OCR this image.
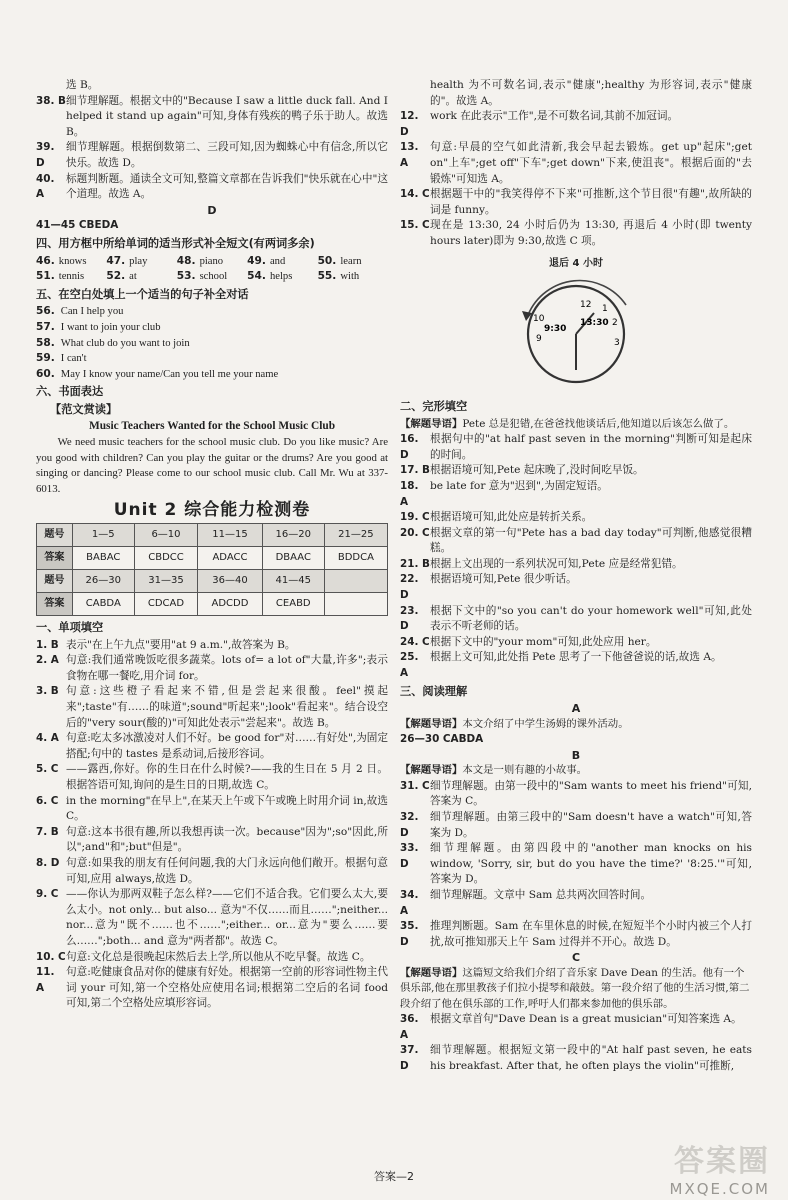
选 B。
38. B 细节理解题。根据文中的"Because I saw a little duck fall. And I helped it stand up again"可知,身体有残疾的鸭子乐于助人。故选 B。
39. D
细节理解题。根据倒数第二、三段可知,因为蜘蛛心中有信念,所以它快乐。故选 D。
40. A
标题判断题。通读全文可知,整篇文章都在告诉我们"快乐就在心中"这个道理。故选 A。
D
41—45 CBEDA
四、用方框中所给单词的适当形式补全短文(有两词多余)
46. knows	47. play	48. piano	49. and	50. learn
51. tennis	52. at	53. school	54. helps	55. with
五、在空白处填上一个适当的句子补全对话
56. Can I help you
57. I want to join your club
58. What club do you want to join
59. I can't
60. May I know your name/Can you tell me your name
六、书面表达
【范文赏读】
Music Teachers Wanted for the School Music Club
We need music teachers for the school music club. Do you like music? Are you good with children? Can you play the guitar or the drums? Are you good at singing or dancing? Please come to our school music club. Call Mr. Wu at 337-6013.
Unit 2 综合能力检测卷
题号	1—5	6—10	11—15	16—20	21—25
答案	BABAC	CBDCC	ADACC	DBAAC	BDDCA
题号	26—30	31—35	36—40	41—45	
答案	CABDA	CDCAD	ADCDD	CEABD	
一、单项填空
1. B 表示"在上午九点"要用"at 9 a.m.",故答案为 B。
2. A 句意:我们通常晚饭吃很多蔬菜。lots of= a lot of"大量,许多";表示食物在哪一餐吃,用介词 for。
3. B 句意:这些橙子看起来不错,但是尝起来很酸。feel"摸起来";taste"有……的味道";sound"听起来";look"看起来"。结合设空后的"very sour(酸的)"可知此处表示"尝起来"。故选 B。
4. A 句意:吃太多冰激凌对人们不好。be good for"对……有好处",为固定搭配;句中的 tastes 是系动词,后接形容词。
5. C ——露西,你好。你的生日在什么时候?——我的生日在 5 月 2 日。根据答语可知,询问的是生日的日期,故选 C。
6. C in the morning"在早上",在某天上午或下午或晚上时用介词 in,故选 C。
7. B 句意:这本书很有趣,所以我想再读一次。because"因为";so"因此,所以";and"和";but"但是"。
8. D 句意:如果我的朋友有任何问题,我的大门永远向他们敞开。根据句意可知,应用 always,故选 D。
9. C ——你认为那两双鞋子怎么样?——它们不适合我。它们要么太大,要么太小。not only... but also... 意为"不仅……而且……";neither... nor...意为"既不……也不……";either... or...意为"要么……要么……";both... and 意为"两者都"。故选 C。
10. C 句意:文化总是很晚起床然后去上学,所以他从不吃早餐。故选 C。
11. A
句意:吃健康食品对你的健康有好处。根据第一空前的形容词性物主代词 your 可知,第一个空格处应使用名词;根据第二空后的名词 food 可知,第二个空格处应填形容词。
health 为不可数名词,表示"健康";healthy 为形容词,表示"健康的"。故选 A。
12. D
work 在此表示"工作",是不可数名词,其前不加冠词。
13. A
句意:早晨的空气如此清新,我会早起去锻炼。get up"起床";get on"上车";get off"下车";get down"下来,使沮丧"。根据后面的"去锻炼"可知选 A。
14. C 根据题干中的"我笑得停不下来"可推断,这个节目很"有趣",故所缺的词是 funny。
15. C 现在是 13:30, 24 小时后仍为 13:30, 再退后 4 小时(即 twenty hours later)即为 9:30,故选 C 项。
退后 4 小时
12 1
2
3
9
10	13:30
9:30
二、完形填空
【解题导语】Pete 总是犯错,在爸爸找他谈话后,他知道以后该怎么做了。
16. D
根据句中的"at half past seven in the morning"判断可知是起床的时间。
17. B 根据语境可知,Pete 起床晚了,没时间吃早饭。
18. A
be late for 意为"迟到",为固定短语。
19. C 根据语境可知,此处应是转折关系。
20. C 根据文章的第一句"Pete has a bad day today"可判断,他感觉很糟糕。
21. B 根据上文出现的一系列状况可知,Pete 应是经常犯错。
22. D
根据语境可知,Pete 很少听话。
23. D
根据下文中的"so you can't do your homework well"可知,此处表示不听老师的话。
24. C 根据下文中的"your mom"可知,此处应用 her。
25. A
根据上文可知,此处指 Pete 思考了一下他爸爸说的话,故选 A。
三、阅读理解
A
【解题导语】本文介绍了中学生汤姆的课外活动。
26—30 CABDA
B
【解题导语】本文是一则有趣的小故事。
31. C 细节理解题。由第一段中的"Sam wants to meet his friend"可知,答案为 C。
32. D
细节理解题。由第三段中的"Sam doesn't have a watch"可知,答案为 D。
33. D
细节理解题。由第四段中的"another man knocks on his window, 'Sorry, sir, but do you have the time?' '8:25.'"可知,答案为 D。
34. A
细节理解题。文章中 Sam 总共两次回答时间。
35. D
推理判断题。Sam 在车里休息的时候,在短短半个小时内被三个人打扰,故可推知那天上午 Sam 过得并不开心。故选 D。
C
【解题导语】这篇短文给我们介绍了音乐家 Dave Dean 的生活。他有一个俱乐部,他在那里教孩子们拉小提琴和敲鼓。第一段介绍了他的生活习惯,第二段介绍了他在俱乐部的工作,呼吁人们都来参加他的俱乐部。
36. A
根据文章首句"Dave Dean is a great musician"可知答案选 A。
37. D
细节理解题。根据短文第一段中的"At half past seven, he eats his breakfast. After that, he often plays the violin"可推断,
答案—2	答案圈
MXQE.COM
